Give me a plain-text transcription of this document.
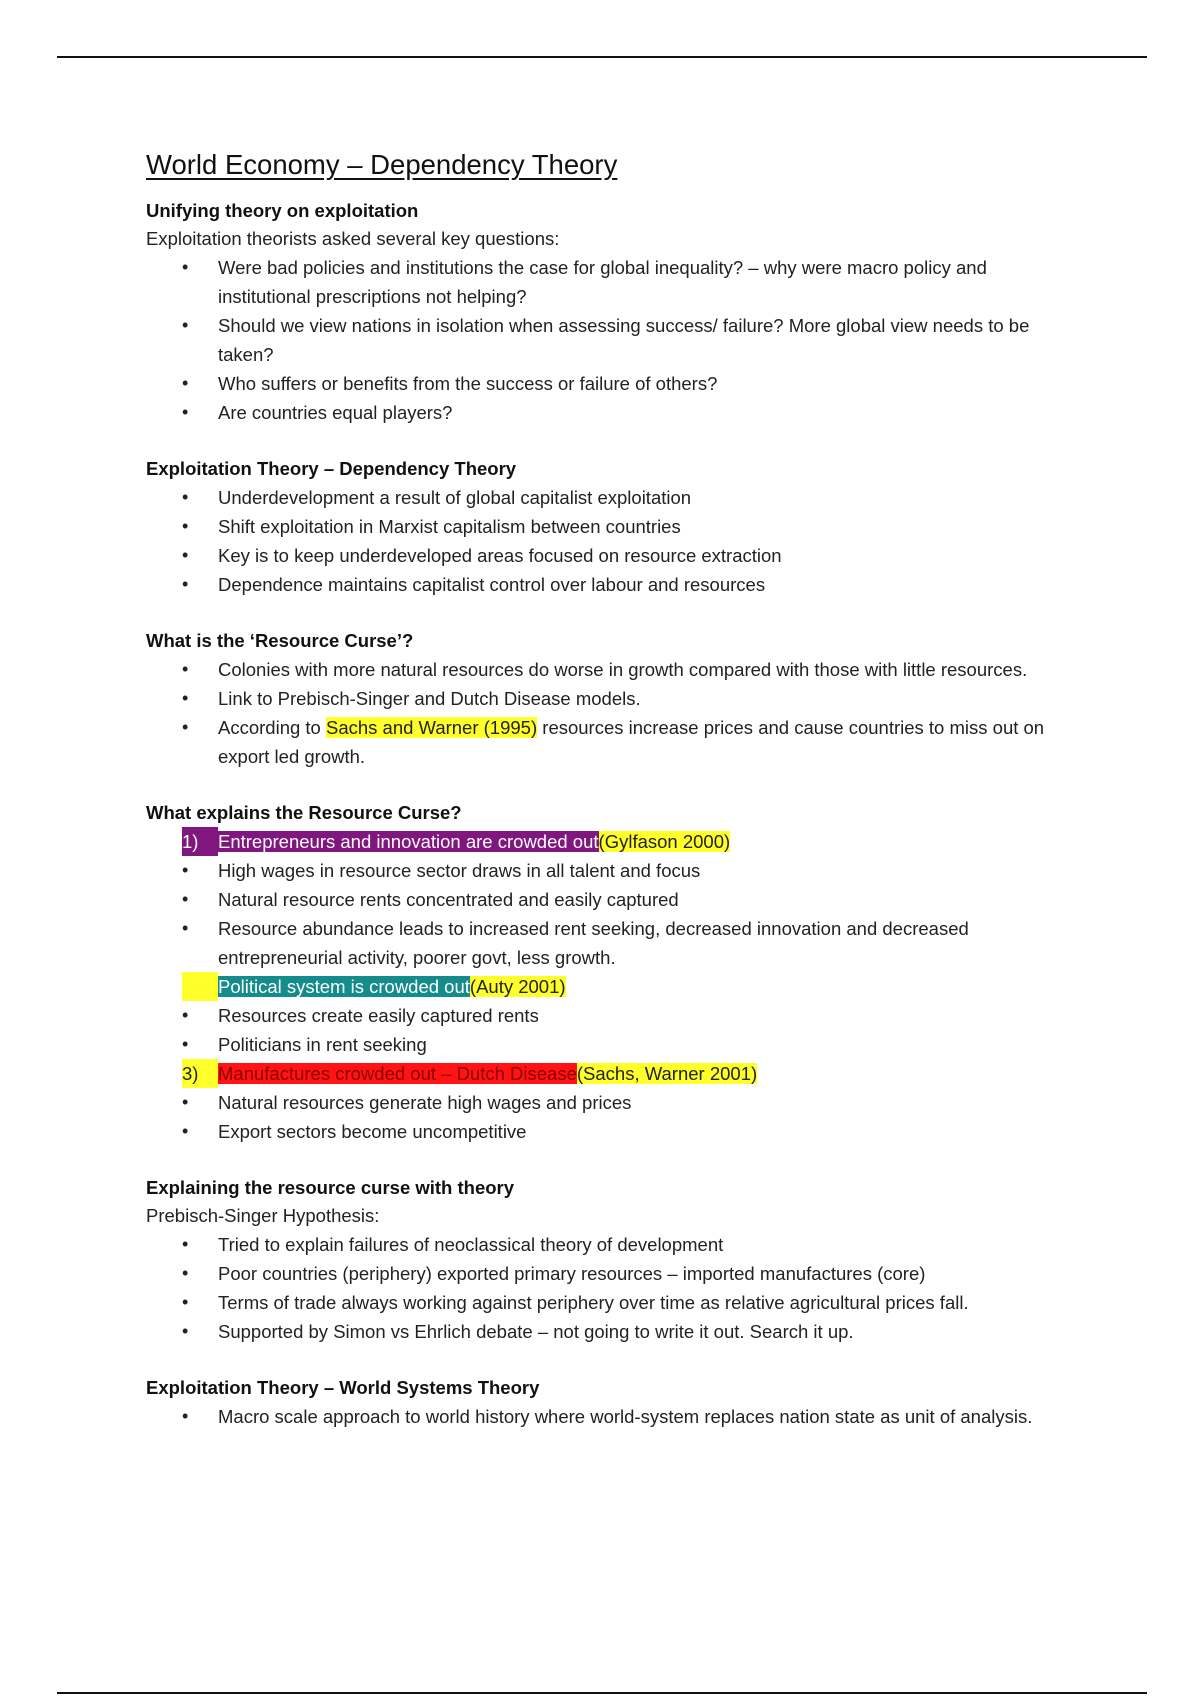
World Economy – Dependency Theory

Unifying theory on exploitation

Exploitation theorists asked several key questions:

• Were bad policies and institutions the case for global inequality? – why were macro policy and institutional prescriptions not helping?
• Should we view nations in isolation when assessing success/ failure? More global view needs to be taken?
• Who suffers or benefits from the success or failure of others?
• Are countries equal players?

Exploitation Theory – Dependency Theory

• Underdevelopment a result of global capitalist exploitation
• Shift exploitation in Marxist capitalism between countries
• Key is to keep underdeveloped areas focused on resource extraction
• Dependence maintains capitalist control over labour and resources

What is the ‘Resource Curse’?

• Colonies with more natural resources do worse in growth compared with those with little resources.
• Link to Prebisch-Singer and Dutch Disease models.
• According to Sachs and Warner (1995) resources increase prices and cause countries to miss out on export led growth.

What explains the Resource Curse?

1) Entrepreneurs and innovation are crowded out(Gylfason 2000)
• High wages in resource sector draws in all talent and focus
• Natural resource rents concentrated and easily captured
• Resource abundance leads to increased rent seeking, decreased innovation and decreased entrepreneurial activity, poorer govt, less growth.
2) Political system is crowded out(Auty 2001)
• Resources create easily captured rents
• Politicians in rent seeking
3) Manufactures crowded out – Dutch Disease(Sachs, Warner 2001)
• Natural resources generate high wages and prices
• Export sectors become uncompetitive

Explaining the resource curse with theory

Prebisch-Singer Hypothesis:

• Tried to explain failures of neoclassical theory of development
• Poor countries (periphery) exported primary resources – imported manufactures (core)
• Terms of trade always working against periphery over time as relative agricultural prices fall.
• Supported by Simon vs Ehrlich debate – not going to write it out. Search it up.

Exploitation Theory – World Systems Theory

• Macro scale approach to world history where world-system replaces nation state as unit of analysis.
